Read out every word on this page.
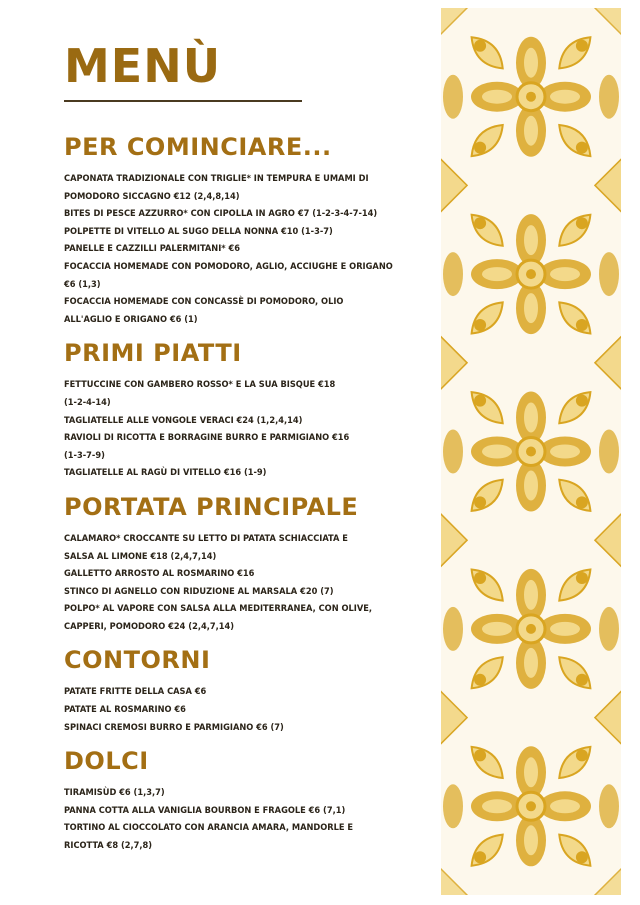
MENÙ
PER COMINCIARE...
CAPONATA TRADIZIONALE CON TRIGLIE* IN TEMPURA E UMAMI DI
POMODORO SICCAGNO €12 (2,4,8,14)
BITES DI PESCE AZZURRO* CON CIPOLLA IN AGRO €7 (1-2-3-4-7-14)
POLPETTE DI VITELLO AL SUGO DELLA NONNA €10 (1-3-7)
PANELLE E CAZZILLI PALERMITANI* €6
FOCACCIA HOMEMADE CON POMODORO, AGLIO, ACCIUGHE E ORIGANO
€6 (1,3)
FOCACCIA HOMEMADE CON CONCASSÈ DI POMODORO, OLIO
ALL'AGLIO E ORIGANO €6 (1)
PRIMI PIATTI
FETTUCCINE CON GAMBERO ROSSO* E LA SUA BISQUE €18
(1-2-4-14)
TAGLIATELLE ALLE VONGOLE VERACI €24 (1,2,4,14)
RAVIOLI DI RICOTTA E BORRAGINE BURRO E PARMIGIANO €16
(1-3-7-9)
TAGLIATELLE AL RAGÙ DI VITELLO €16 (1-9)
PORTATA PRINCIPALE
CALAMARO* CROCCANTE SU LETTO DI PATATA SCHIACCIATA E
SALSA AL LIMONE €18 (2,4,7,14)
GALLETTO ARROSTO AL ROSMARINO €16
STINCO DI AGNELLO CON RIDUZIONE AL MARSALA €20 (7)
POLPO* AL VAPORE CON SALSA ALLA MEDITERRANEA, CON OLIVE,
CAPPERI, POMODORO €24 (2,4,7,14)
CONTORNI
PATATE FRITTE DELLA CASA €6
PATATE AL ROSMARINO €6
SPINACI CREMOSI BURRO E PARMIGIANO €6 (7)
DOLCI
TIRAMISÙD €6 (1,3,7)
PANNA COTTA ALLA VANIGLIA BOURBON E FRAGOLE €6 (7,1)
TORTINO AL CIOCCOLATO CON ARANCIA AMARA, MANDORLE E
RICOTTA €8 (2,7,8)
